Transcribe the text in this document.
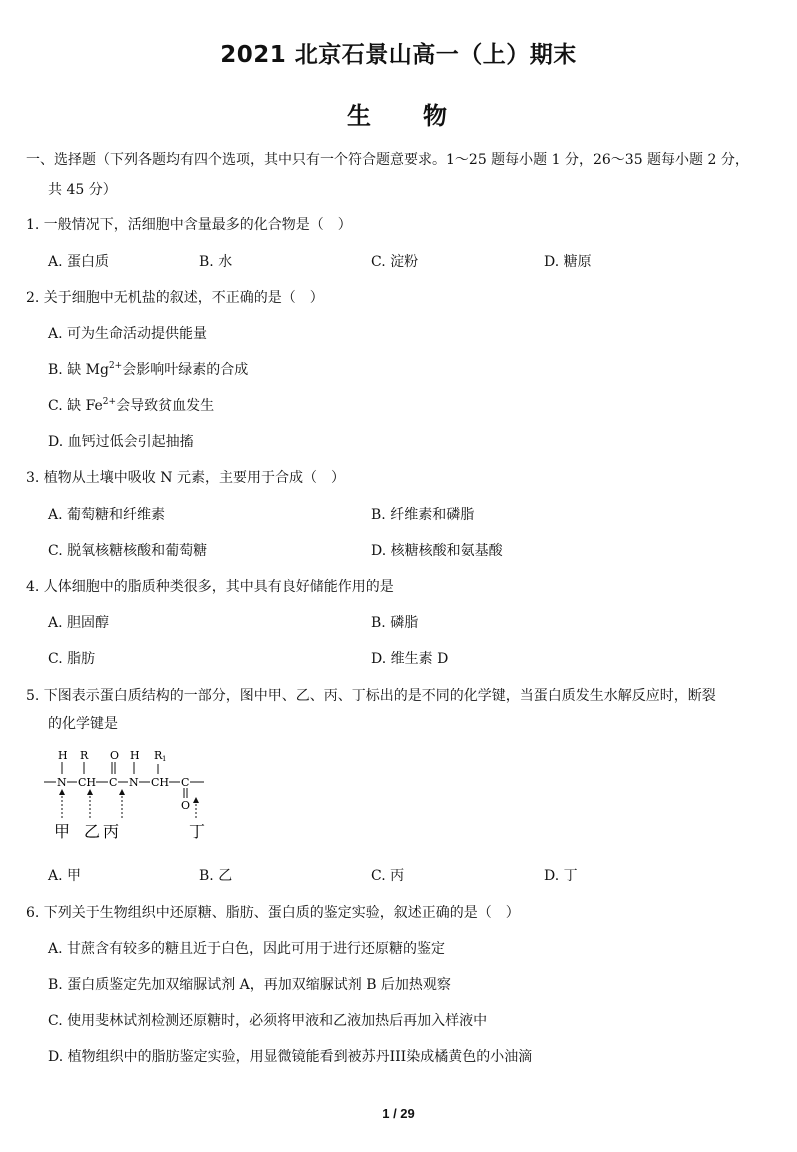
2021 北京石景山高一（上）期末
生 物
一、选择题（下列各题均有四个选项，其中只有一个符合题意要求。1～25 题每小题 1 分，26～35 题每小题 2 分，
共 45 分）
1. 一般情况下，活细胞中含量最多的化合物是（　）
A. 蛋白质	B. 水	C. 淀粉	D. 糖原
2. 关于细胞中无机盐的叙述，不正确的是（　）
A. 可为生命活动提供能量
B. 缺 $Mg^{2+}$会影响叶绿素的合成
C. 缺 $Fe^{2+}$会导致贫血发生
D. 血钙过低会引起抽搐
3. 植物从土壤中吸收 N 元素，主要用于合成（　）
A. 葡萄糖和纤维素	B. 纤维素和磷脂
C. 脱氧核糖核酸和葡萄糖	D. 核糖核酸和氨基酸
4. 人体细胞中的脂质种类很多，其中具有良好储能作用的是
A. 胆固醇	B. 磷脂
C. 脂肪	D. 维生素 D
5. 下图表示蛋白质结构的一部分，图中甲、乙、丙、丁标出的是不同的化学键，当蛋白质发生水解反应时，断裂
的化学键是
H R O H R 1
N CH C N CH C
O
甲 乙 丙	丁
A. 甲	B. 乙	C. 丙	D. 丁
6. 下列关于生物组织中还原糖、脂肪、蛋白质的鉴定实验，叙述正确的是（　）
A. 甘蔗含有较多的糖且近于白色，因此可用于进行还原糖的鉴定
B. 蛋白质鉴定先加双缩脲试剂 A，再加双缩脲试剂 B 后加热观察
C. 使用斐林试剂检测还原糖时，必须将甲液和乙液加热后再加入样液中
D. 植物组织中的脂肪鉴定实验，用显微镜能看到被苏丹III染成橘黄色的小油滴
1 / 29
